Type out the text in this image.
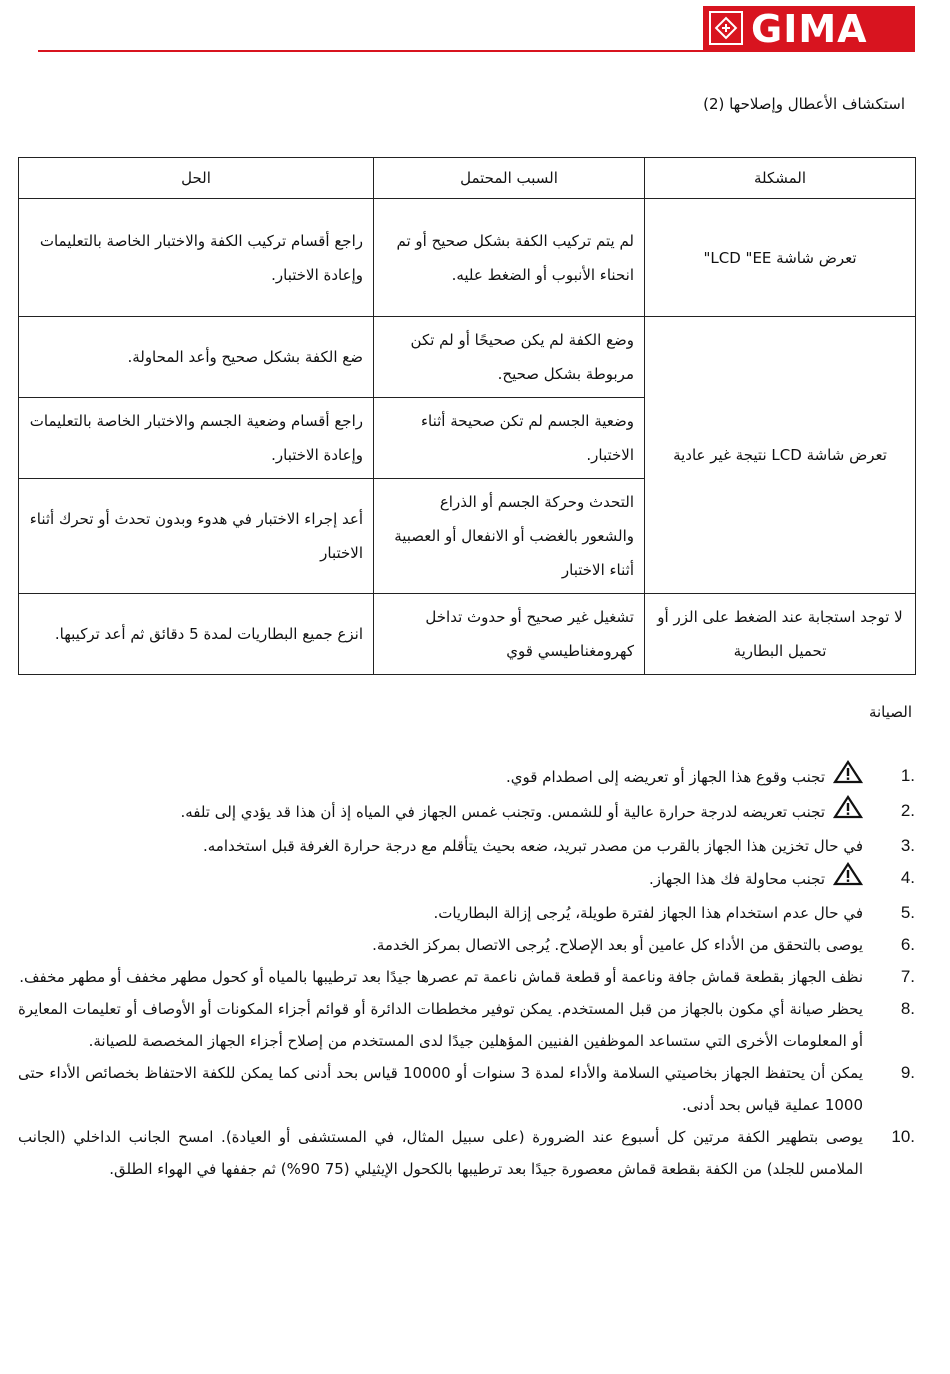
GIMA
استكشاف الأعطال وإصلاحها (2)
المشكلة	السبب المحتمل	الحل
تعرض شاشة LCD "EE"	لم يتم تركيب الكفة بشكل صحيح أو تم انحناء الأنبوب أو الضغط عليه.	راجع أقسام تركيب الكفة والاختبار الخاصة بالتعليمات وإعادة الاختبار.
تعرض شاشة LCD نتيجة غير عادية	وضع الكفة لم يكن صحيحًا أو لم تكن مربوطة بشكل صحيح.	ضع الكفة بشكل صحيح وأعد المحاولة.
	وضعية الجسم لم تكن صحيحة أثناء الاختبار.	راجع أقسام وضعية الجسم والاختبار الخاصة بالتعليمات وإعادة الاختبار.
	التحدث وحركة الجسم أو الذراع والشعور بالغضب أو الانفعال أو العصبية أثناء الاختبار	أعد إجراء الاختبار في هدوء وبدون تحدث أو تحرك أثناء الاختبار
لا توجد استجابة عند الضغط على الزر أو تحميل البطارية	تشغيل غير صحيح أو حدوث تداخل كهرومغناطيسي قوي	انزع جميع البطاريات لمدة 5 دقائق ثم أعد تركيبها.
الصيانة
1.
تجنب وقوع هذا الجهاز أو تعريضه إلى اصطدام قوي.
2.
تجنب تعريضه لدرجة حرارة عالية أو للشمس. وتجنب غمس الجهاز في المياه إذ أن هذا قد يؤدي إلى تلفه.
3.
في حال تخزين هذا الجهاز بالقرب من مصدر تبريد، ضعه بحيث يتأقلم مع درجة حرارة الغرفة قبل استخدامه.
4.
تجنب محاولة فك هذا الجهاز.
5.
في حال عدم استخدام هذا الجهاز لفترة طويلة، يُرجى إزالة البطاريات.
6.
يوصى بالتحقق من الأداء كل عامين أو بعد الإصلاح. يُرجى الاتصال بمركز الخدمة.
7.
نظف الجهاز بقطعة قماش جافة وناعمة أو قطعة قماش ناعمة تم عصرها جيدًا بعد ترطيبها بالمياه أو كحول مطهر مخفف أو مطهر مخفف.
8.
يحظر صيانة أي مكون بالجهاز من قبل المستخدم. يمكن توفير مخططات الدائرة أو قوائم أجزاء المكونات أو الأوصاف أو تعليمات المعايرة أو المعلومات الأخرى التي ستساعد الموظفين الفنيين المؤهلين جيدًا لدى المستخدم من إصلاح أجزاء الجهاز المخصصة للصيانة.
9.
يمكن أن يحتفظ الجهاز بخاصيتي السلامة والأداء لمدة 3 سنوات أو 10000 قياس بحد أدنى كما يمكن للكفة الاحتفاظ بخصائص الأداء حتى 1000 عملية قياس بحد أدنى.
10.
يوصى بتطهير الكفة مرتين كل أسبوع عند الضرورة (على سبيل المثال، في المستشفى أو العيادة). امسح الجانب الداخلي (الجانب الملامس للجلد) من الكفة بقطعة قماش معصورة جيدًا بعد ترطيبها بالكحول الإيثيلي (75 90%) ثم جففها في الهواء الطلق.
